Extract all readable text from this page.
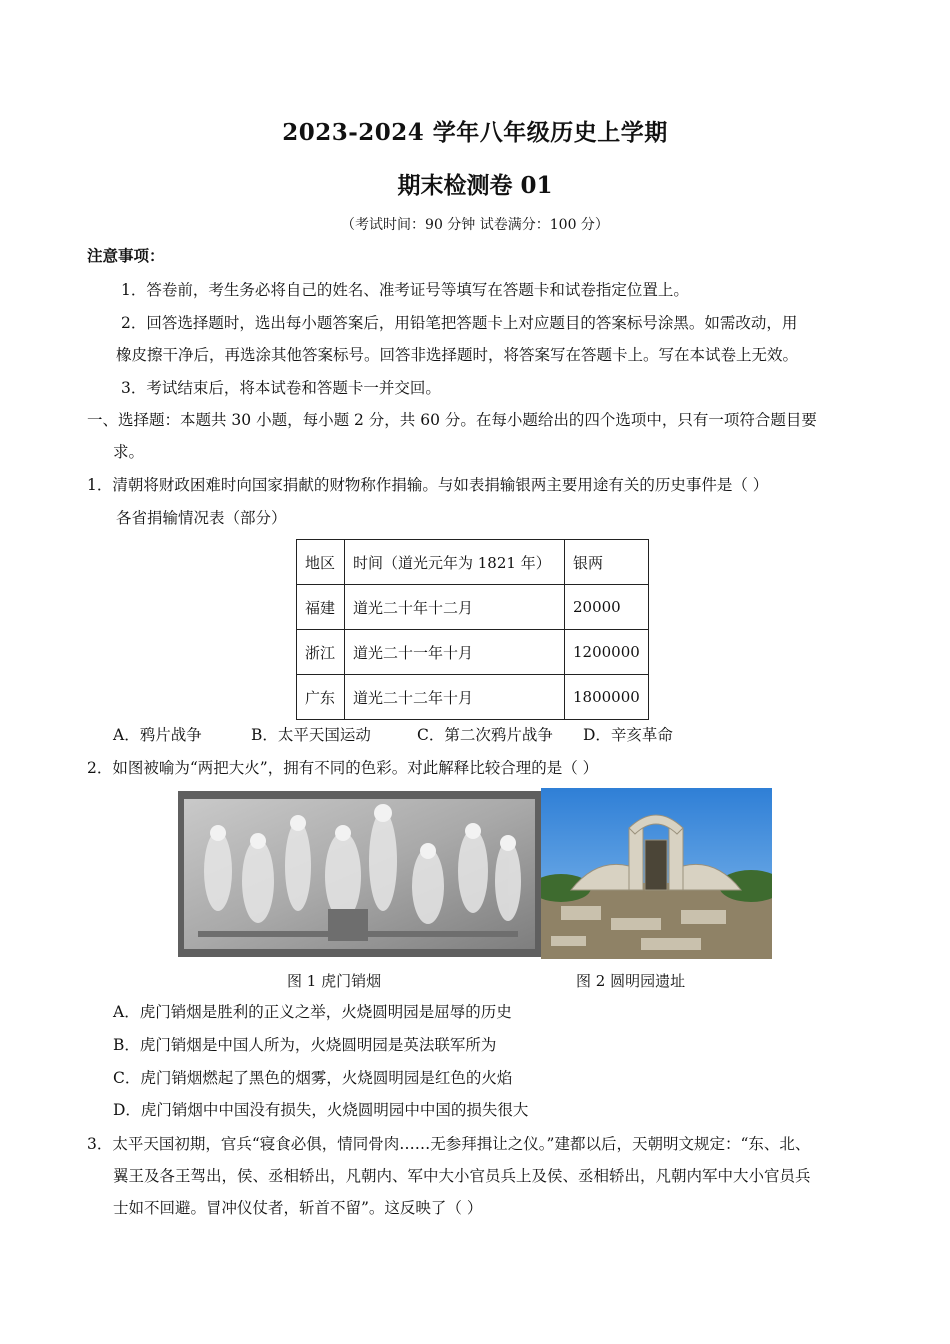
2023-2024 学年八年级历史上学期
期末检测卷 01
（考试时间：90 分钟 试卷满分：100 分）
注意事项：
1．答卷前，考生务必将自己的姓名、准考证号等填写在答题卡和试卷指定位置上。
2．回答选择题时，选出每小题答案后，用铅笔把答题卡上对应题目的答案标号涂黑。如需改动，用
橡皮擦干净后，再选涂其他答案标号。回答非选择题时，将答案写在答题卡上。写在本试卷上无效。
3．考试结束后，将本试卷和答题卡一并交回。
一、选择题：本题共 30 小题，每小题 2 分，共 60 分。在每小题给出的四个选项中，只有一项符合题目要
求。
1．清朝将财政困难时向国家捐献的财物称作捐输。与如表捐输银两主要用途有关的历史事件是（ ）
各省捐输情况表（部分）
地区	时间（道光元年为 1821 年）	银两
福建	道光二十年十二月	20000
浙江	道光二十一年十月	1200000
广东	道光二十二年十月	1800000
A．鸦片战争	B．太平天国运动	C．第二次鸦片战争 D．辛亥革命
2．如图被喻为“两把大火”，拥有不同的色彩。对此解释比较合理的是（ ）
图 1 虎门销烟	图 2 圆明园遗址
A．虎门销烟是胜利的正义之举，火烧圆明园是屈辱的历史
B．虎门销烟是中国人所为，火烧圆明园是英法联军所为
C．虎门销烟燃起了黑色的烟雾，火烧圆明园是红色的火焰
D．虎门销烟中中国没有损失，火烧圆明园中中国的损失很大
3．太平天国初期，官兵“寝食必俱，情同骨肉……无参拜揖让之仪。”建都以后，天朝明文规定：“东、北、
翼王及各王驾出，侯、丞相轿出，凡朝内、军中大小官员兵上及侯、丞相轿出，凡朝内军中大小官员兵
士如不回避。冒冲仪仗者，斩首不留”。这反映了（ ）
